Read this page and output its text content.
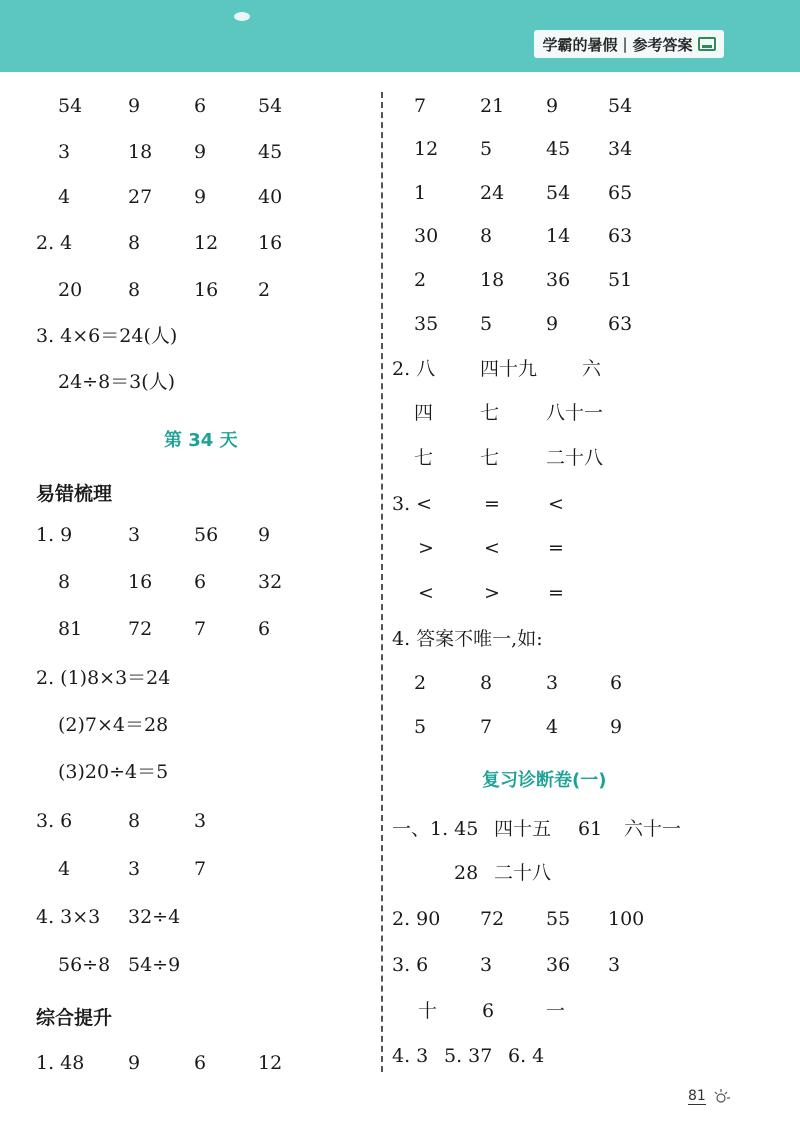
学霸的暑假 | 参考答案
54 9	6	54
3	18 9	45
4	27 9	40
2. 4	8	12 16
20 8	16 2
3. 4×6＝24(人)
24÷8＝3(人)
第 34 天
易错梳理
1. 9	3	56 9
8	16 6	32
81 72 7	6
2. (1)8×3＝24
(2)7×4＝28
(3)20÷4＝5
3. 6	8	3
4	3	7
4. 3×3 32÷4
56÷8 54÷9
综合提升
1. 48 9	6	12
7	21 9	54
12 5	45 34
1	24 54 65
30 8	14 63
2	18 36 51
35 5	9	63
2. 八 四十九 六
四 七 八十一
七 七 二十八
3. <	=	<
>	<	=
<	>	=
4. 答案不唯一,如:
2	8	3	6
5	7	4	9
复习诊断卷(一)
一、1. 45 四十五 61 六十一
28 二十八
2. 90 72 55 100
3. 6	3	36 3
十 6	一
4. 3 5. 37 6. 4
81
